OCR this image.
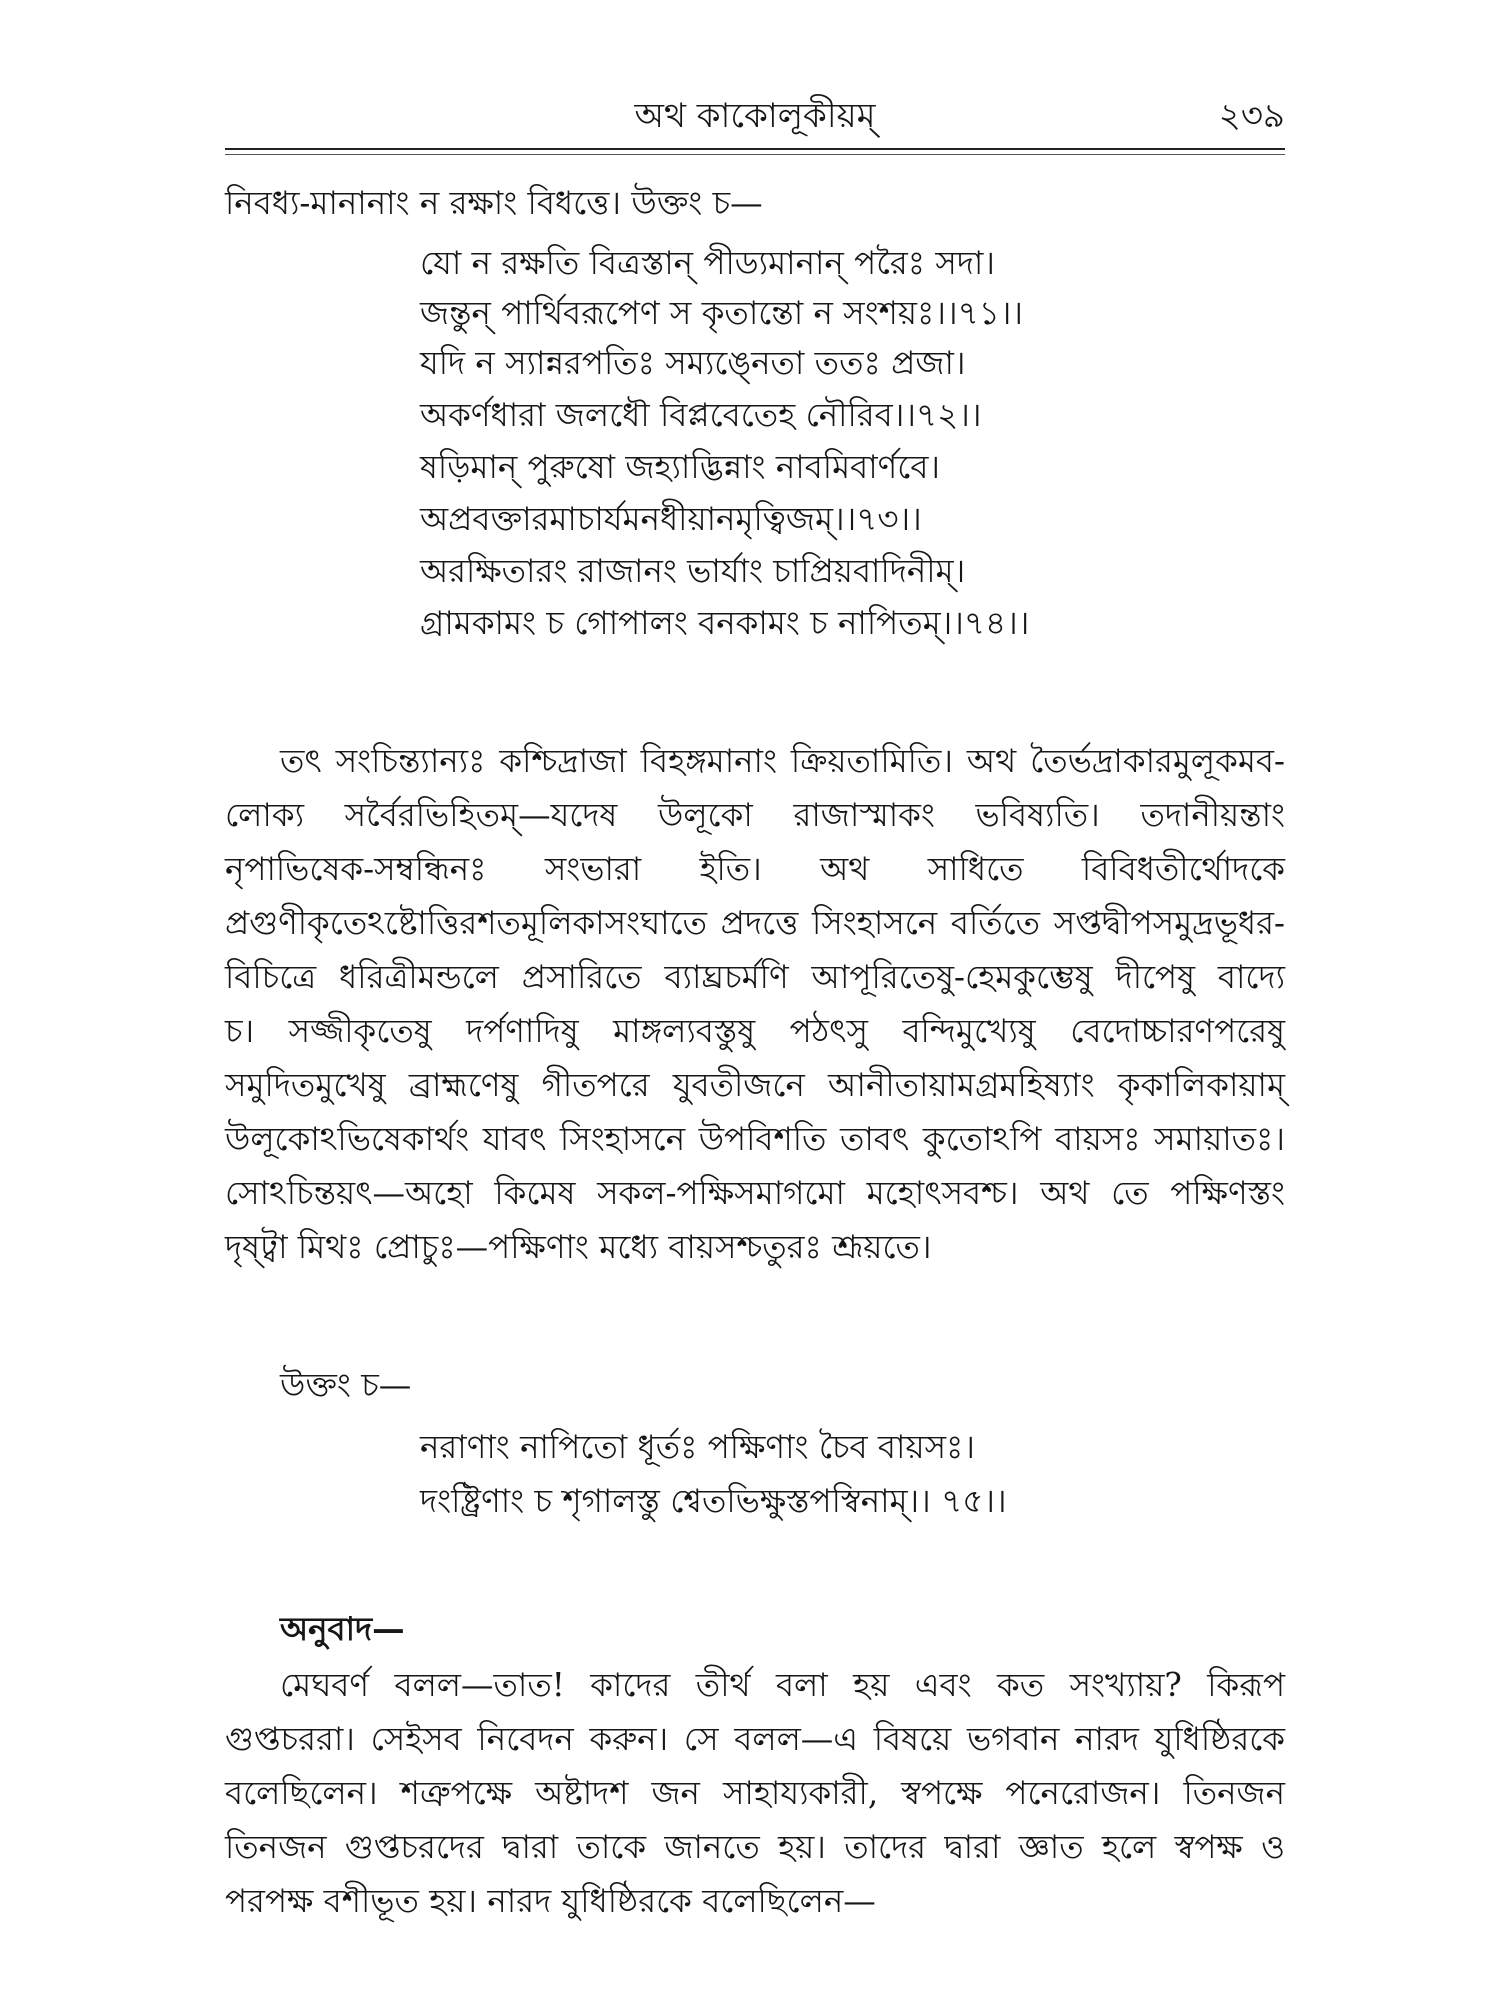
অথ কাকোলূকীয়ম্	২৩৯
নিবধ্য-মানানাং ন রক্ষাং বিধত্তে। উক্তং চ—
যো ন রক্ষতি বিত্রস্তান্ পীড্যমানান্ পরৈঃ সদা।
জন্তুন্ পার্থিবরূপেণ স কৃতান্তো ন সংশয়ঃ।।৭১।।
যদি ন স্যান্নরপতিঃ সম্যঙ্নেতা ততঃ প্রজা।
অকর্ণধারা জলধৌ বিপ্লবেতেহ নৌরিব।।৭২।।
ষড়িমান্ পুরুষো জহ্যাদ্ভিন্নাং নাবমিবার্ণবে।
অপ্রবক্তারমাচার্যমনধীয়ানমৃত্বিজম্।।৭৩।।
অরক্ষিতারং রাজানং ভার্যাং চাপ্রিয়বাদিনীম্।
গ্রামকামং চ গোপালং বনকামং চ নাপিতম্।।৭৪।।
তৎ সংচিন্ত্যান্যঃ কশ্চিদ্রাজা বিহঙ্গমানাং ক্রিয়তামিতি। অথ তৈর্ভদ্রাকারমুলূকমব-
লোক্য সর্বৈরভিহিতম্—যদেষ উলূকো রাজাস্মাকং ভবিষ্যতি। তদানীয়ন্তাং
নৃপাভিষেক-সম্বন্ধিনঃ সংভারা ইতি। অথ সাধিতে বিবিধতীর্থোদকে
প্রগুণীকৃতেঽষ্টোত্তিরশতমূলিকাসংঘাতে প্রদত্তে সিংহাসনে বর্তিতে সপ্তদ্বীপসমুদ্রভূধর-
বিচিত্রে ধরিত্রীমন্ডলে প্রসারিতে ব্যাঘ্রচর্মণি আপূরিতেষু-হেমকুম্ভেষু দীপেষু বাদ্যে
চ। সজ্জীকৃতেষু দর্পণাদিষু মাঙ্গল্যবস্তুষু পঠৎসু বন্দিমুখ্যেষু বেদোচ্চারণপরেষু
সমুদিতমুখেষু ব্রাহ্মণেষু গীতপরে যুবতীজনে আনীতায়ামগ্রমহিষ্যাং কৃকালিকায়াম্
উলূকোঽভিষেকার্থং যাবৎ সিংহাসনে উপবিশতি তাবৎ কুতোঽপি বায়সঃ সমায়াতঃ।
সোঽচিন্তয়ৎ—অহো কিমেষ সকল-পক্ষিসমাগমো মহোৎসবশ্চ। অথ তে পক্ষিণস্তং
দৃষ্ট্বা মিথঃ প্রোচুঃ—পক্ষিণাং মধ্যে বায়সশ্চতুরঃ শ্রূয়তে।
উক্তং চ—
নরাণাং নাপিতো ধূর্তঃ পক্ষিণাং চৈব বায়সঃ।
দংষ্ট্রিণাং চ শৃগালস্তু শ্বেতভিক্ষুস্তপস্বিনাম্।। ৭৫।।
অনুবাদ—
মেঘবর্ণ বলল—তাত! কাদের তীর্থ বলা হয় এবং কত সংখ্যায়? কিরূপ
গুপ্তচররা। সেইসব নিবেদন করুন। সে বলল—এ বিষয়ে ভগবান নারদ যুধিষ্ঠিরকে
বলেছিলেন। শত্রুপক্ষে অষ্টাদশ জন সাহায্যকারী, স্বপক্ষে পনেরোজন। তিনজন
তিনজন গুপ্তচরদের দ্বারা তাকে জানতে হয়। তাদের দ্বারা জ্ঞাত হলে স্বপক্ষ ও
পরপক্ষ বশীভূত হয়। নারদ যুধিষ্ঠিরকে বলেছিলেন—
